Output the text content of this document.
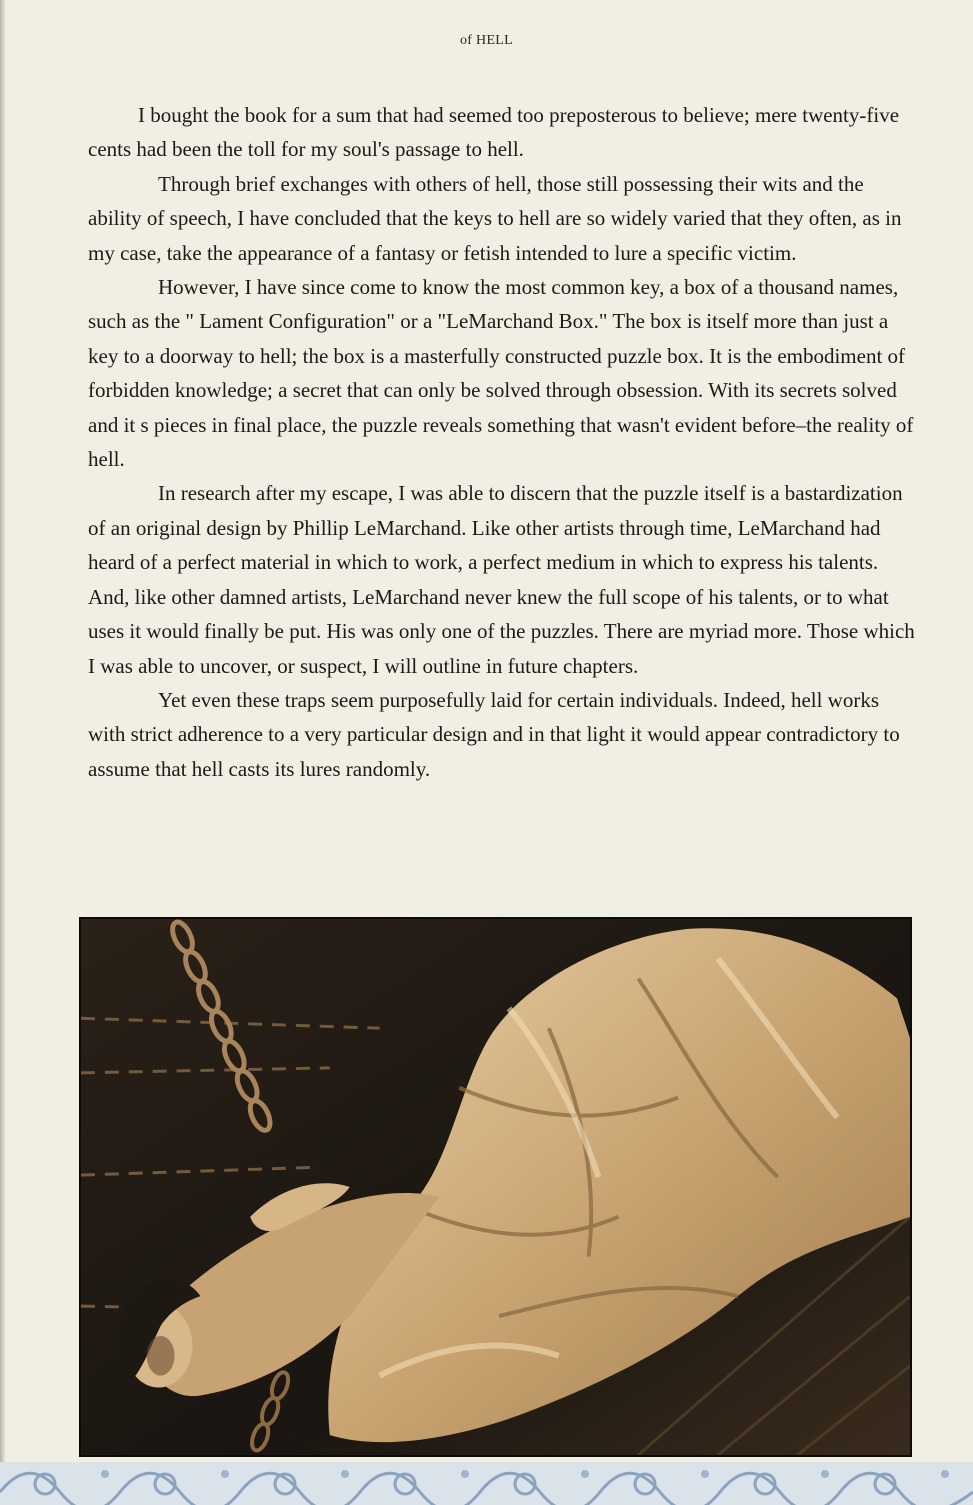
of HELL

I bought the book for a sum that had seemed too preposterous to believe; mere twenty-five cents had been the toll for my soul's passage to hell.

Through brief exchanges with others of hell, those still possessing their wits and the ability of speech, I have concluded that the keys to hell are so widely varied that they often, as in my case, take the appearance of a fantasy or fetish intended to lure a specific victim.

However, I have since come to know the most common key, a box of a thousand names, such as the " Lament Configuration" or a "LeMarchand Box." The box is itself more than just a key to a doorway to hell; the box is a masterfully constructed puzzle box. It is the embodiment of forbidden knowledge; a secret that can only be solved through obsession. With its secrets solved and it s pieces in final place, the puzzle reveals something that wasn't evident before–the reality of hell.

In research after my escape, I was able to discern that the puzzle itself is a bastardization of an original design by Phillip LeMarchand. Like other artists through time, LeMarchand had heard of a perfect material in which to work, a perfect medium in which to express his talents. And, like other damned artists, LeMarchand never knew the full scope of his talents, or to what uses it would finally be put. His was only one of the puzzles. There are myriad more. Those which I was able to uncover, or suspect, I will outline in future chapters.

Yet even these traps seem purposefully laid for certain individuals. Indeed, hell works with strict adherence to a very particular design and in that light it would appear contradictory to assume that hell casts its lures randomly.
